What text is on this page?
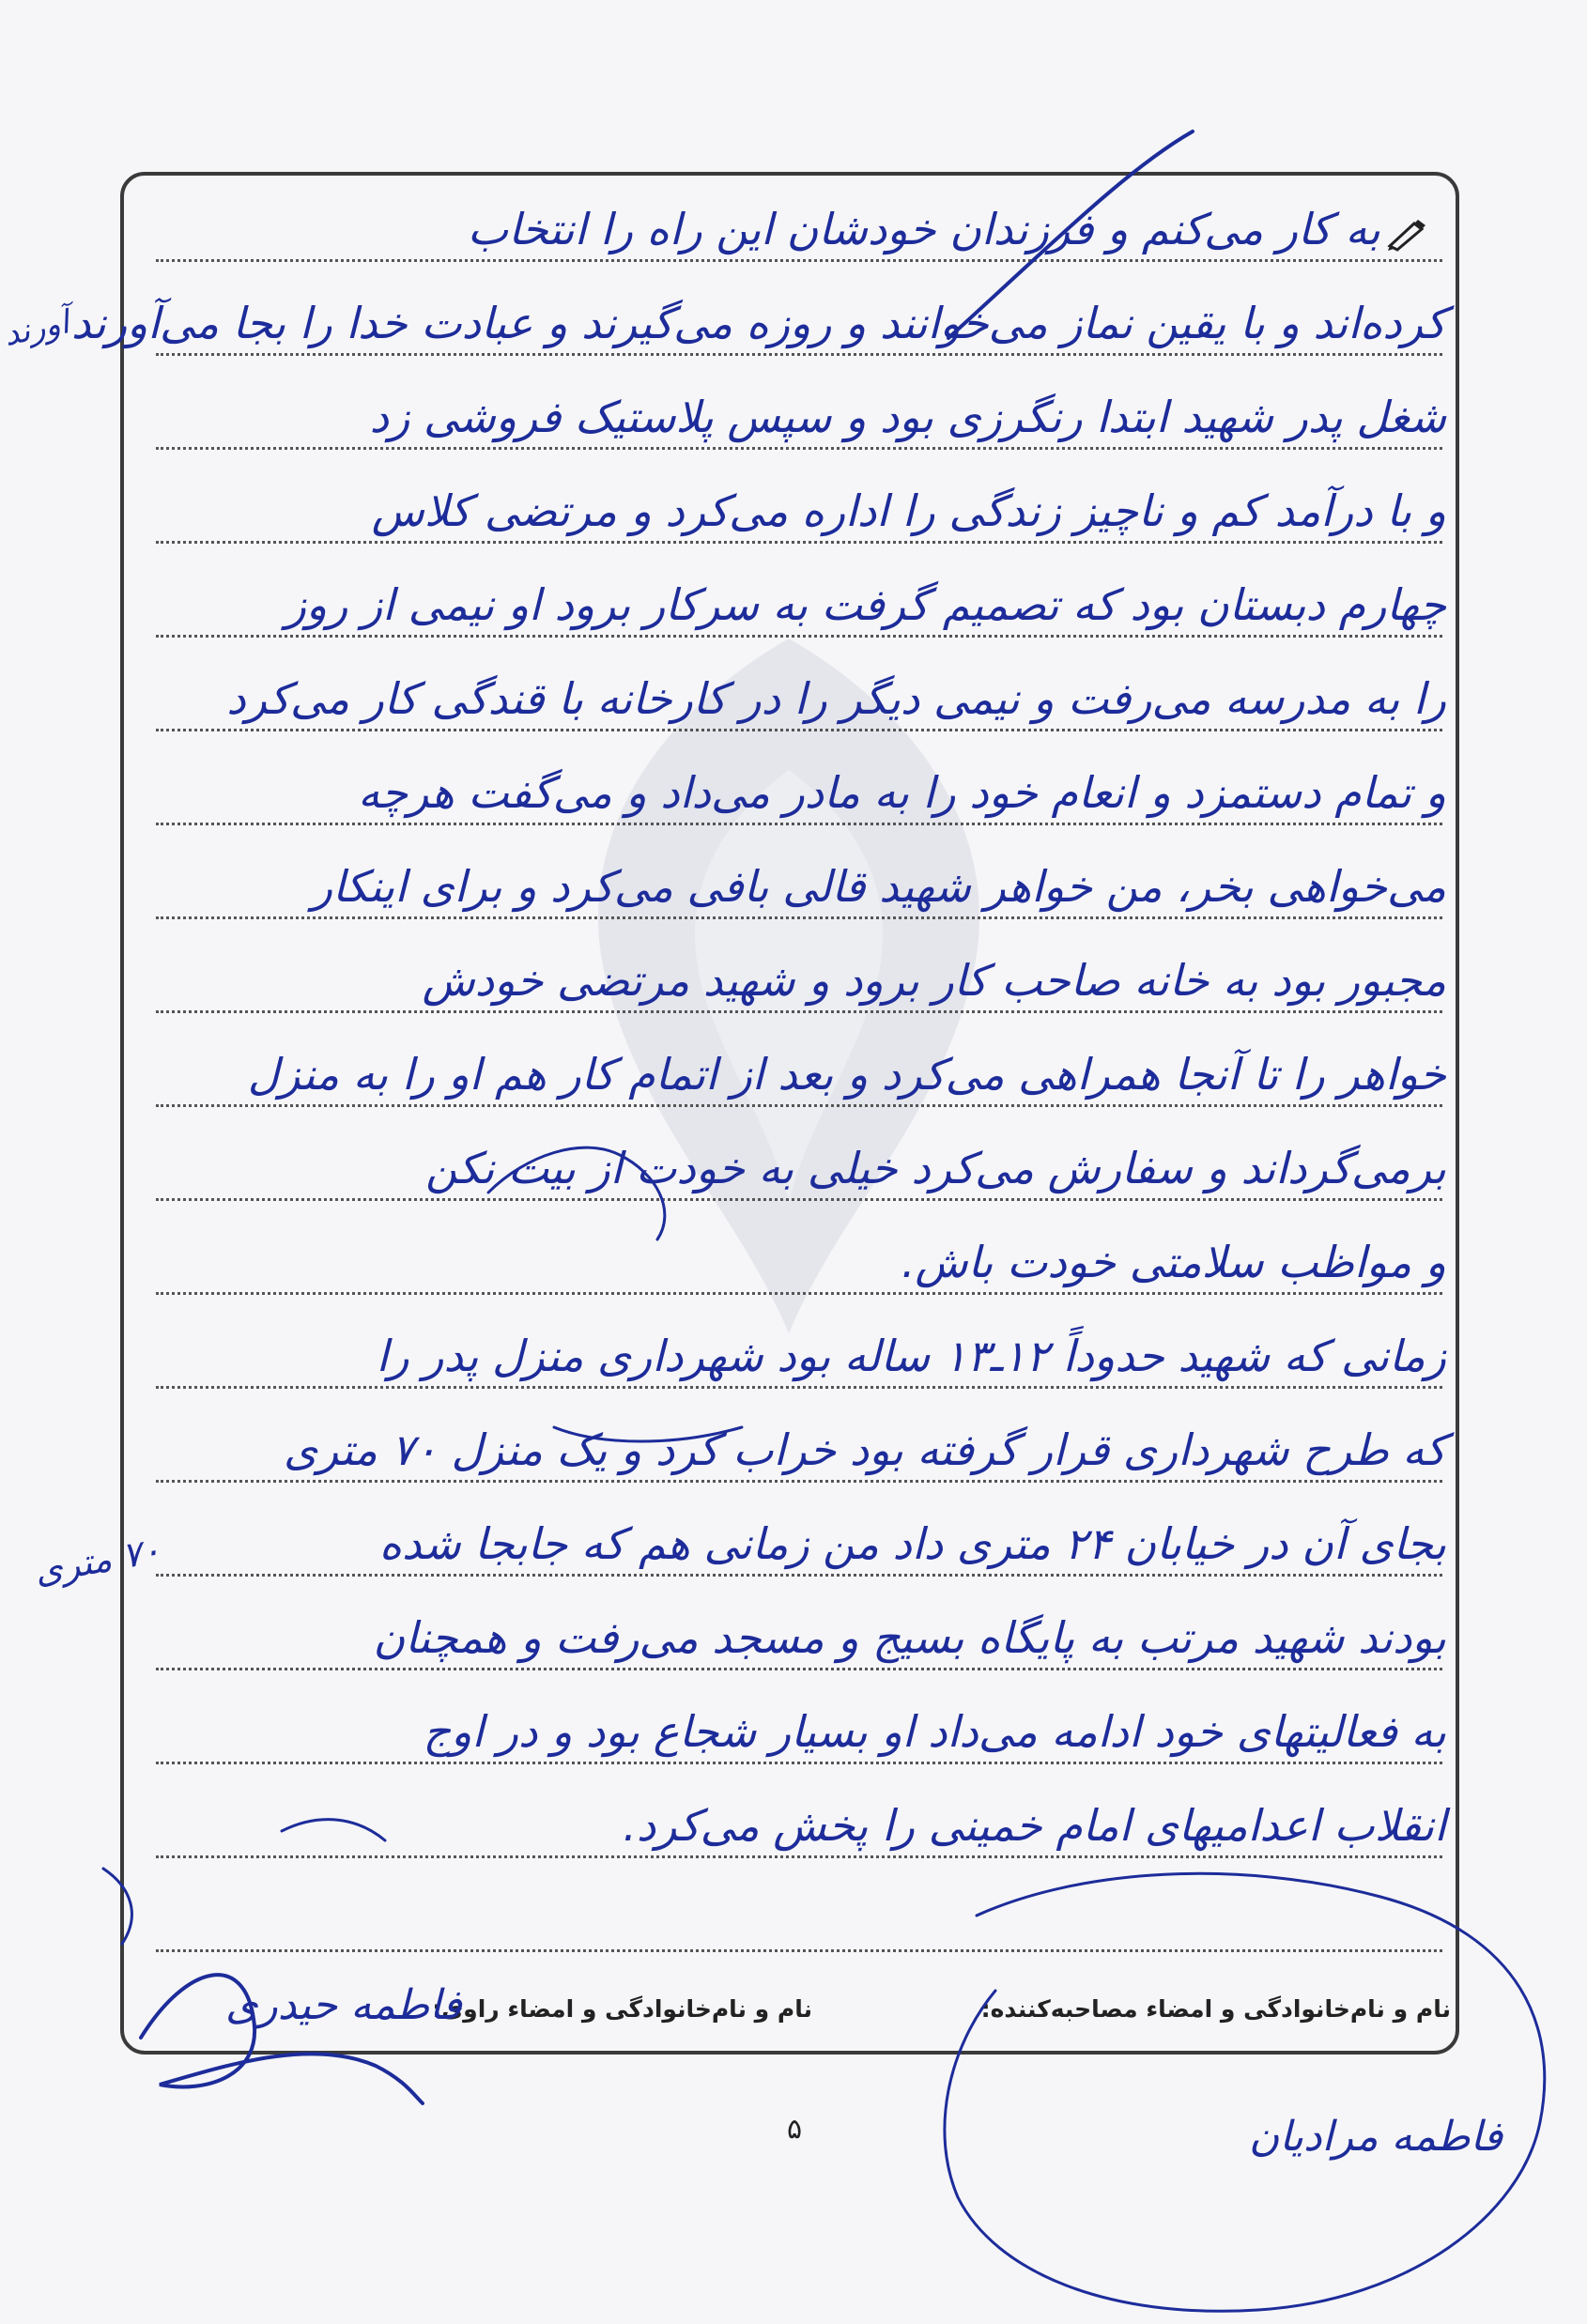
به کار می‌کنم و فرزندان خودشان این راه را انتخاب
کرده‌اند و با یقین نماز می‌خوانند و روزه می‌گیرند و عبادت خدا را بجا می‌آورند
شغل پدر شهید ابتدا رنگرزی بود و سپس پلاستیک فروشی زد
و با درآمد کم و ناچیز زندگی را اداره می‌کرد و مرتضی کلاس
چهارم دبستان بود که تصمیم گرفت به سرکار برود او نیمی از روز
را به مدرسه می‌رفت و نیمی دیگر را در کارخانه با قندگی کار می‌کرد
و تمام دستمزد و انعام خود را به مادر می‌داد و می‌گفت هرچه
می‌خواهی بخر، من خواهر شهید قالی بافی می‌کرد و برای اینکار
مجبور بود به خانه صاحب کار برود و شهید مرتضی خودش
خواهر را تا آنجا همراهی می‌کرد و بعد از اتمام کار هم او را به منزل
برمی‌گرداند و سفارش می‌کرد خیلی به خودت از بیت نکن
و مواظب سلامتی خودت باش.
زمانی که شهید حدوداً ۱۲ـ۱۳ ساله بود شهرداری منزل پدر را
که طرح شهرداری قرار گرفته بود خراب کرد و یک منزل ۷۰ متری
بجای آن در خیابان ۲۴ متری داد من زمانی هم که جابجا شده
بودند شهید مرتب به پایگاه بسیج و مسجد می‌رفت و همچنان
به فعالیتهای خود ادامه می‌داد او بسیار شجاع بود و در اوج
انقلاب اعدامیهای امام خمینی را پخش می‌کرد.
آورند
۷۰ متری
نام و نام‌خانوادگی و امضاء مصاحبه‌کننده:
نام و نام‌خانوادگی و امضاء راوی:
فاطمه حیدری
فاطمه مرادیان
۵
